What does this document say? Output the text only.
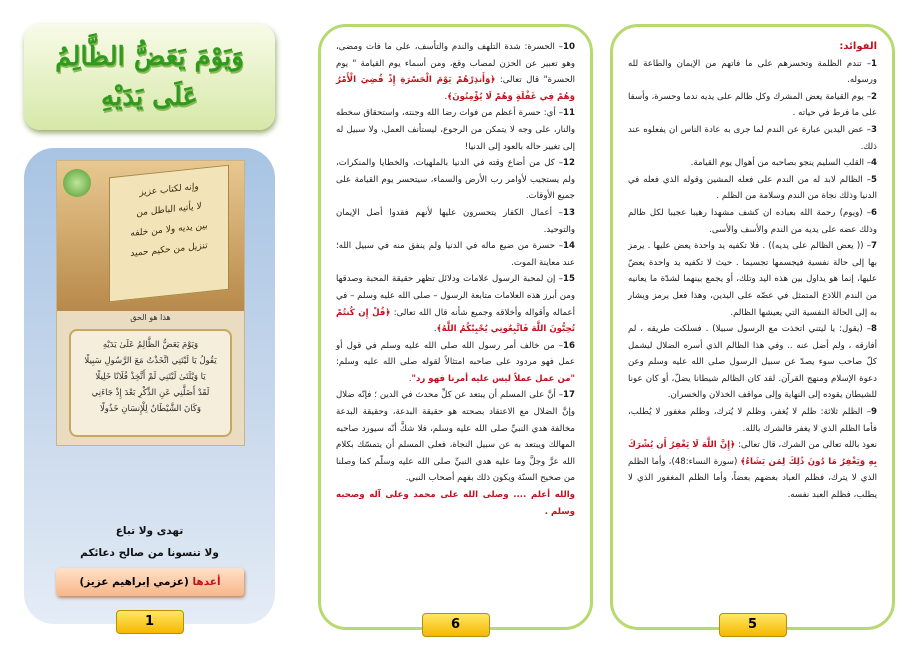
وَيَوْمَ يَعَضُّ الظَّالِمُ عَلَى يَدَيْهِ
وإنه لكتاب عزيز
لا يأتيه الباطل من
بين يديه ولا من خلفه
تنزيل من حكيم حميد
هذا هو الحق
وَيَوْمَ يَعَضُّ الظَّالِمُ عَلَىٰ يَدَيْهِ
يَقُولُ يَا لَيْتَنِي اتَّخَذْتُ مَعَ الرَّسُولِ سَبِيلًا
يَا وَيْلَتَىٰ لَيْتَنِي لَمْ أَتَّخِذْ فُلَانًا خَلِيلًا
لَقَدْ أَضَلَّنِي عَنِ الذِّكْرِ بَعْدَ إِذْ جَاءَنِي
وَكَانَ الشَّيْطَانُ لِلْإِنسَانِ خَذُولًا
تهدى ولا تباع
ولا تنسونا من صالح دعائكم
أعدها (عزمي إبراهيم عزيز)
1

10– الحسرة: شدة التلهف والندم والتأسف، على ما فات ومضى، وهو تعبير عن الحزن لمصاب وقع، ومن أسماء يوم القيامة " يوم الحسرة" قال تعالى: ﴿وَأَنذِرْهُمْ يَوْمَ الْحَسْرَةِ إِذْ قُضِيَ الْأَمْرُ وَهُمْ فِي غَفْلَةٍ وَهُمْ لَا يُؤْمِنُونَ﴾.

11– أي: حسرة أعظم من فوات رضا الله وجنته، واستحقاق سخطه والنار، على وجه لا يتمكن من الرجوع، ليستأنف العمل، ولا سبيل له إلى تغيير حاله بالعود إلى الدنيا!

12– كل من أضاع وقته في الدنيا بالملهيات، والخطايا والمنكرات، ولم يستجيب لأوامر رب الأرض والسماء، سيتحسر يوم القيامة على جميع الأوقات.

13– أعمال الكفار يتحسرون عليها لأنهم فقدوا أصل الإيمان والتوحيد.

14– حسرة من ضيع ماله في الدنيا ولم ينفق منه في سبيل الله؛ عند معاينة الموت.

15– إن لمحبة الرسول علامات ودلائل تظهر حقيقة المحبة وصدقها ومن أبرز هذه العلامات متابعة الرسول – صلى الله عليه وسلم – في أعماله وأقواله وأخلاقه وجميع شأنه قال الله تعالى: ﴿قُلْ إِن كُنتُمْ تُحِبُّونَ اللَّهَ فَاتَّبِعُونِي يُحْبِبْكُمُ اللَّهُ﴾.

16– من خالف أمر رسول الله صلى الله عليه وسلم في قول أو عمل فهو مردود على صاحبه امتثالاً لقوله صلى الله عليه وسلم: "من عمل عملاً ليس عليه أمرنا فهو رد".

17– أنَّ على المسلم أن يبتعد عن كلِّ محدث في الدين ؛ فإنّه ضلال وإنَّ الضلال مع الاعتقاد بصحته هو حقيقة البدعة، وحقيقة البدعة مخالفة هدي النبيِّ صلى الله عليه وسلم، فلا شكَّ أنّه سيورد صاحبه المهالك ويبتعد به عن سبيل النجاة، فعلى المسلم أن يتمسّك بكلام الله عزَّ وجلَّ وما عليه هدي النبيِّ صلى الله عليه وسلّم كما وصلنا من صحيح السنّة ويكون ذلك بفهم أصحاب النبي.

والله أعلم .... وصلى الله على محمد وعلى آله وصحبه وسلم .

6

الفوائد:

1– تندم الظلمة وتحسرهم على ما فاتهم من الإيمان والطاعة لله ورسوله.

2– يوم القيامة يعض المشرك وكل ظالم على يديه ندما وحسرة، وأسفا على ما فرط في حياته .

3– عض اليدين عبارة عن الندم لما جرى به عادة الناس ان يفعلوه عند ذلك.

4– القلب السليم ينجو بصاحبه من أهوال يوم القيامة.

5– الظالم لابد له من الندم على فعله المشين وقوله الذي فعله في الدنيا وذلك نجاة من الندم وسلامة من الظلم .

6– (ويوم) رحمة الله بعباده ان كشف مشهدا رهيبا عجيبا لكل ظالم وذلك عضه على يديه من الندم والأسف والأسى.

7– (( يعض الظالم على يديه)) . فلا تكفيه يد واحدة يعض عليها . يرمز بها إلى حالة نفسية فيجسمها تجسيما . حيث لا تكفيه يد واحدة يعضّ عليها، إنما هو يداول بين هذه اليد وتلك، أو يجمع بينهما لشدّة ما يعانيه من الندم اللاذع المتمثل في عضّه على اليدين، وهذا فعل يرمز ويشار به إلى الحالة النفسية التي يعيشها الظالم.

8– (يقول: يا ليتني اتخذت مع الرسول سبيلا) . فسلكت طريقه ، لم أفارقه ، ولم أضل عنه .. وفي هذا الظالم الذي أسره الضلال ليشمل كلّ صاحب سوء يصدّ عن سبيل الرسول صلى الله عليه وسلم وعن دعوة الإسلام ومنهج القرآن. لقد كان الظالم شيطانا يضلّ، أو كان عونا للشيطان يقوده إلى النهاية وإلى مواقف الخذلان والخسران.

9– الظلم ثلاثة: ظلم لا يُغفر، وظلم لا يُترك، وظلم مغفور لا يُطلب، فأما الظلم الذي لا يغفر فالشرك بالله.

نعوذ بالله تعالى من الشرك، قال تعالى: ﴿إِنَّ اللَّهَ لَا يَغْفِرُ أَن يُشْرَكَ بِهِ وَيَغْفِرُ مَا دُونَ ذَٰلِكَ لِمَن يَشَاءُ﴾ (سورة النساء:48)، وأما الظلم الذي لا يترك، فظلم العباد بعضهم بعضاً، وأما الظلم المغفور الذي لا يطلب، فظلم العبد نفسه.

5
